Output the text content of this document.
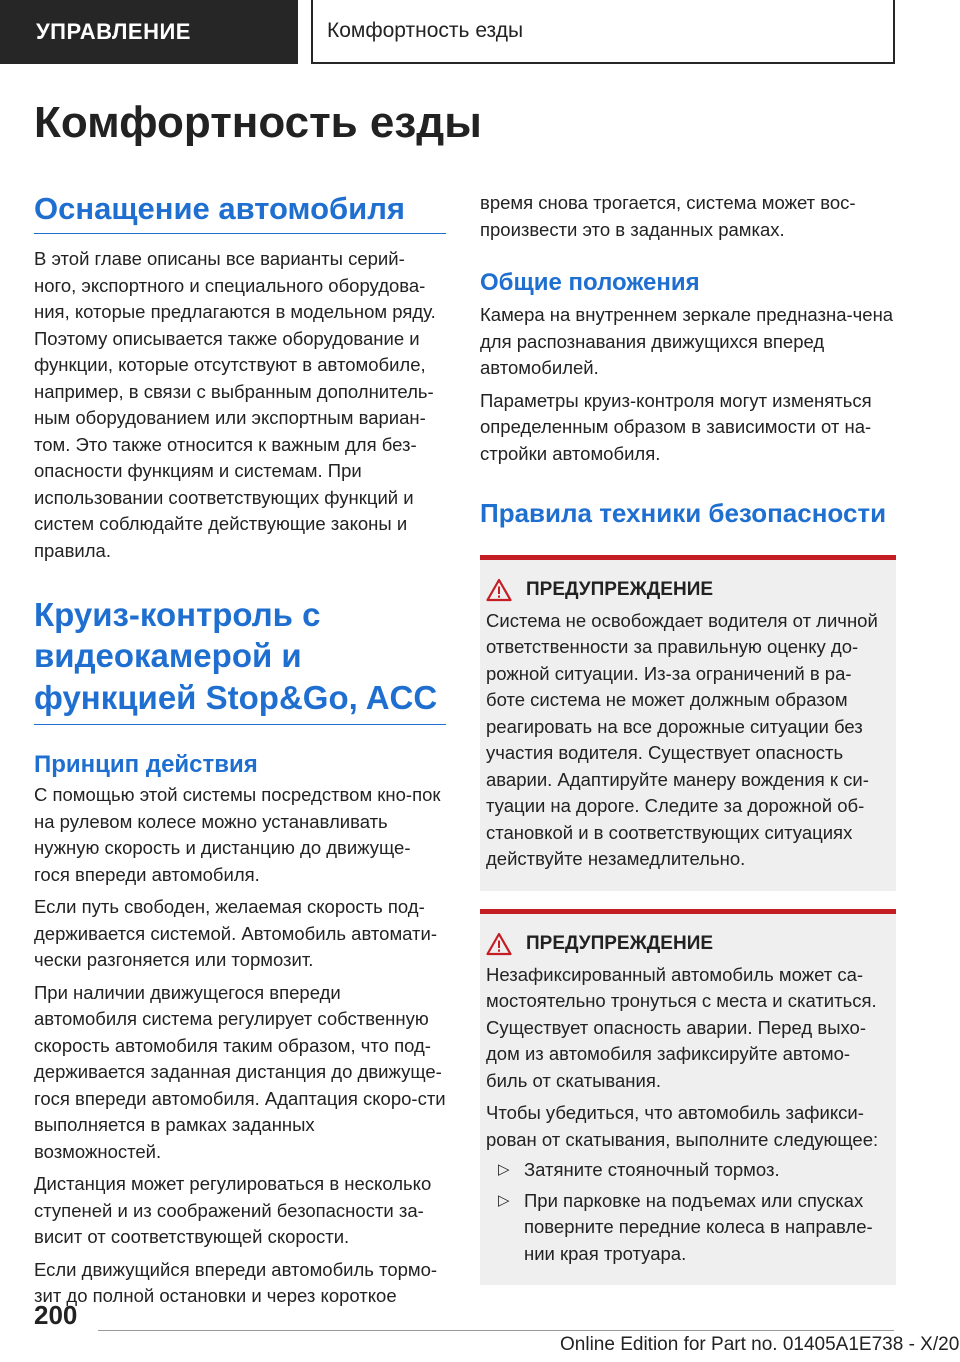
УПРАВЛЕНИЕ	Комфортность езды
Комфортность езды
Оснащение автомобиля

В этой главе описаны все варианты серий-ного, экспортного и специального оборудова-ния, которые предлагаются в модельном ряду. Поэтому описывается также оборудование и функции, которые отсутствуют в автомобиле, например, в связи с выбранным дополнитель-ным оборудованием или экспортным вариан-том. Это также относится к важным для без-опасности функциям и системам. При использовании соответствующих функций и систем соблюдайте действующие законы и правила.

Круиз-контроль с видеокамерой и функцией Stop&Go, ACC
Принцип действия

С помощью этой системы посредством кно-пок на рулевом колесе можно устанавливать нужную скорость и дистанцию до движуще-гося впереди автомобиля.

Если путь свободен, желаемая скорость под-держивается системой. Автомобиль автомати-чески разгоняется или тормозит.

При наличии движущегося впереди автомобиля система регулирует собственную скорость автомобиля таким образом, что под-держивается заданная дистанция до движуще-гося впереди автомобиля. Адаптация скоро-сти выполняется в рамках заданных возможностей.

Дистанция может регулироваться в несколько ступеней и из соображений безопасности за-висит от соответствующей скорости.

Если движущийся впереди автомобиль тормо-зит до полной остановки и через короткое

время снова трогается, система может вос-произвести это в заданных рамках.

Общие положения

Камера на внутреннем зеркале предназна-чена для распознавания движущихся вперед автомобилей.

Параметры круиз-контроля могут изменяться определенным образом в зависимости от на-стройки автомобиля.

Правила техники безопасности
ПРЕДУПРЕЖДЕНИЕ

Система не освобождает водителя от личной ответственности за правильную оценку до-рожной ситуации. Из-за ограничений в ра-боте система не может должным образом реагировать на все дорожные ситуации без участия водителя. Существует опасность аварии. Адаптируйте манеру вождения к си-туации на дороге. Следите за дорожной об-становкой и в соответствующих ситуациях действуйте незамедлительно.

ПРЕДУПРЕЖДЕНИЕ

Незафиксированный автомобиль может са-мостоятельно тронуться с места и скатиться. Существует опасность аварии. Перед выхо-дом из автомобиля зафиксируйте автомо-биль от скатывания.

Чтобы убедиться, что автомобиль зафикси-рован от скатывания, выполните следующее:

▷ Затяните стояночный тормоз.
▷ При парковке на подъемах или спусках поверните передние колеса в направле-нии края тротуара.
200
Online Edition for Part no. 01405A1E738 - X/20
